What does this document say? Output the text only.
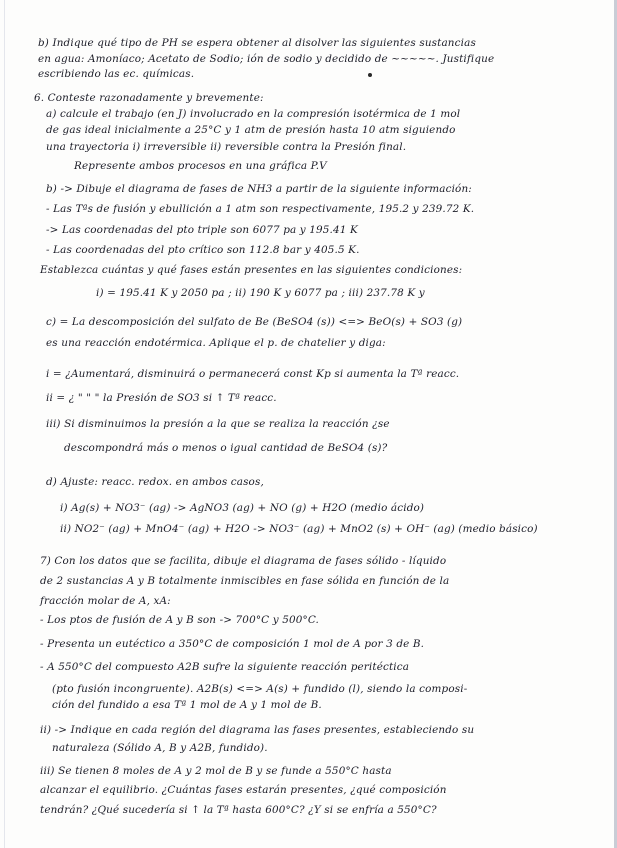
b) Indique qué tipo de PH se espera obtener al disolver las siguientes sustancias
en agua: Amoníaco; Acetato de Sodio; ión de sodio y decidido de ~~~~~. Justifique
escribiendo las ec. químicas.
6. Conteste razonadamente y brevemente:
a) calcule el trabajo (en J) involucrado en la compresión isotérmica de 1 mol
de gas ideal inicialmente a 25°C y 1 atm de presión hasta 10 atm siguiendo
una trayectoria i) irreversible ii) reversible contra la Presión final.
Represente ambos procesos en una gráfica P.V
b) -> Dibuje el diagrama de fases de NH3 a partir de la siguiente información:
- Las Tªs de fusión y ebullición a 1 atm son respectivamente, 195.2 y 239.72 K.
-> Las coordenadas del pto triple son 6077 pa y 195.41 K
- Las coordenadas del pto crítico son 112.8 bar y 405.5 K.
Establezca cuántas y qué fases están presentes en las siguientes condiciones:
i) = 195.41 K y 2050 pa ; ii) 190 K y 6077 pa ; iii) 237.78 K y
c) = La descomposición del sulfato de Be (BeSO4 (s)) <=> BeO(s) + SO3 (g)
es una reacción endotérmica. Aplique el p. de chatelier y diga:
i = ¿Aumentará, disminuirá o permanecerá const Kp si aumenta la Tª reacc.
ii = ¿ " " " la Presión de SO3 si ↑ Tª reacc.
iii) Si disminuimos la presión a la que se realiza la reacción ¿se
descompondrá más o menos o igual cantidad de BeSO4 (s)?
d) Ajuste: reacc. redox. en ambos casos,
i) Ag(s) + NO3⁻ (ag) -> AgNO3 (ag) + NO (g) + H2O (medio ácido)
ii) NO2⁻ (ag) + MnO4⁻ (ag) + H2O -> NO3⁻ (ag) + MnO2 (s) + OH⁻ (ag) (medio básico)
7) Con los datos que se facilita, dibuje el diagrama de fases sólido - líquido
de 2 sustancias A y B totalmente inmiscibles en fase sólida en función de la
fracción molar de A, xA:
- Los ptos de fusión de A y B son -> 700°C y 500°C.
- Presenta un eutéctico a 350°C de composición 1 mol de A por 3 de B.
- A 550°C del compuesto A2B sufre la siguiente reacción peritéctica
(pto fusión incongruente). A2B(s) <=> A(s) + fundido (l), siendo la composi-
ción del fundido a esa Tª 1 mol de A y 1 mol de B.
ii) -> Indique en cada región del diagrama las fases presentes, estableciendo su
naturaleza (Sólido A, B y A2B, fundido).
iii) Se tienen 8 moles de A y 2 mol de B y se funde a 550°C hasta
alcanzar el equilibrio. ¿Cuántas fases estarán presentes, ¿qué composición
tendrán? ¿Qué sucedería si ↑ la Tª hasta 600°C? ¿Y si se enfría a 550°C?
